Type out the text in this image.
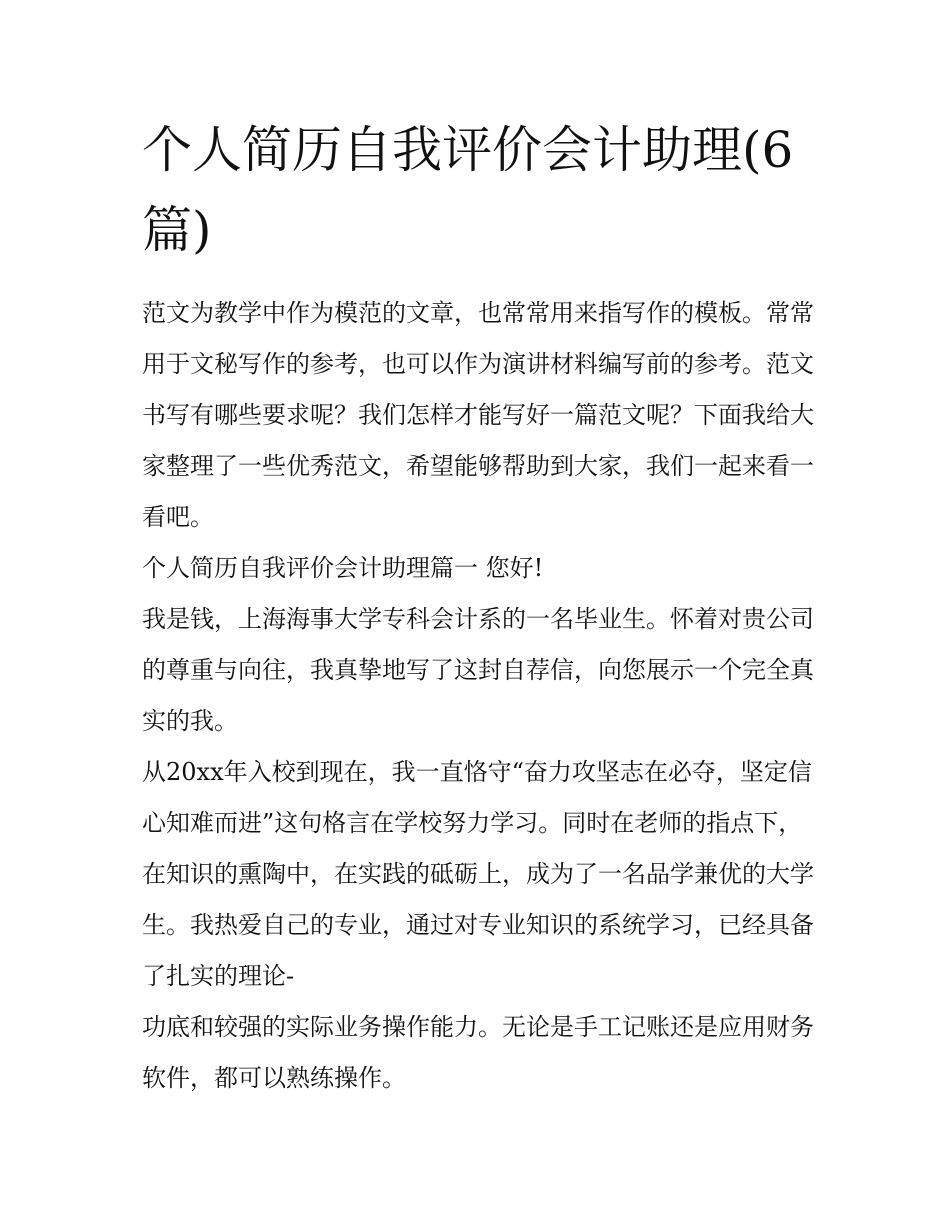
个人简历自我评价会计助理(6篇)

范文为教学中作为模范的文章，也常常用来指写作的模板。常常用于文秘写作的参考，也可以作为演讲材料编写前的参考。范文书写有哪些要求呢？我们怎样才能写好一篇范文呢？下面我给大家整理了一些优秀范文，希望能够帮助到大家，我们一起来看一看吧。

个人简历自我评价会计助理篇一 您好!

我是钱，上海海事大学专科会计系的一名毕业生。怀着对贵公司的尊重与向往，我真挚地写了这封自荐信，向您展示一个完全真实的我。

从20xx年入校到现在，我一直恪守“奋力攻坚志在必夺，坚定信心知难而进”这句格言在学校努力学习。同时在老师的指点下，在知识的熏陶中，在实践的砥砺上，成为了一名品学兼优的大学生。我热爱自己的专业，通过对专业知识的系统学习，已经具备了扎实的理论-

功底和较强的实际业务操作能力。无论是手工记账还是应用财务软件，都可以熟练操作。
